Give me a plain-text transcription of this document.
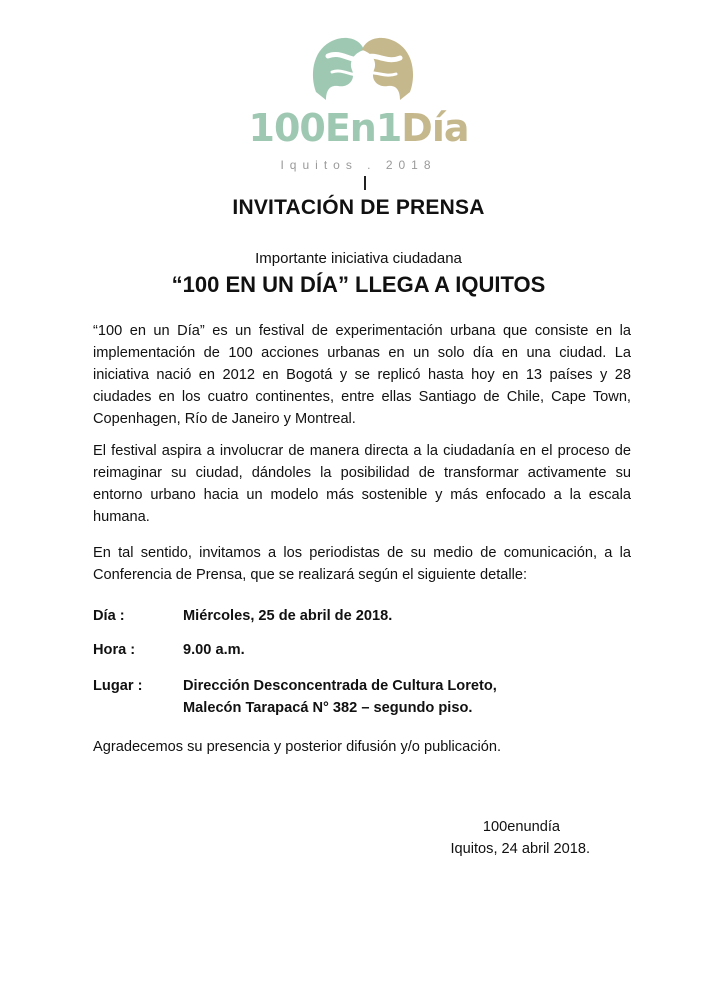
100En1Día
Iquitos . 2018
INVITACIÓN DE PRENSA
Importante iniciativa ciudadana
“100 EN UN DÍA” LLEGA A IQUITOS

“100 en un Día” es un festival de experimentación urbana que consiste en la implementación de 100 acciones urbanas en un solo día en una ciudad. La iniciativa nació en 2012 en Bogotá y se replicó hasta hoy en 13 países y 28 ciudades en los cuatro continentes, entre ellas Santiago de Chile, Cape Town, Copenhagen, Río de Janeiro y Montreal.

El festival aspira a involucrar de manera directa a la ciudadanía en el proceso de reimaginar su ciudad, dándoles la posibilidad de transformar activamente su entorno urbano hacia un modelo más sostenible y más enfocado a la escala humana.

En tal sentido, invitamos a los periodistas de su medio de comunicación, a la Conferencia de Prensa, que se realizará según el siguiente detalle:

Día :	Miércoles, 25 de abril de 2018.
Hora :	9.00 a.m.
Lugar :	Dirección Desconcentrada de Cultura Loreto,
Malecón Tarapacá N° 382 – segundo piso.
Agradecemos su presencia y posterior difusión y/o publicación.
100enundía
Iquitos, 24 abril 2018.
